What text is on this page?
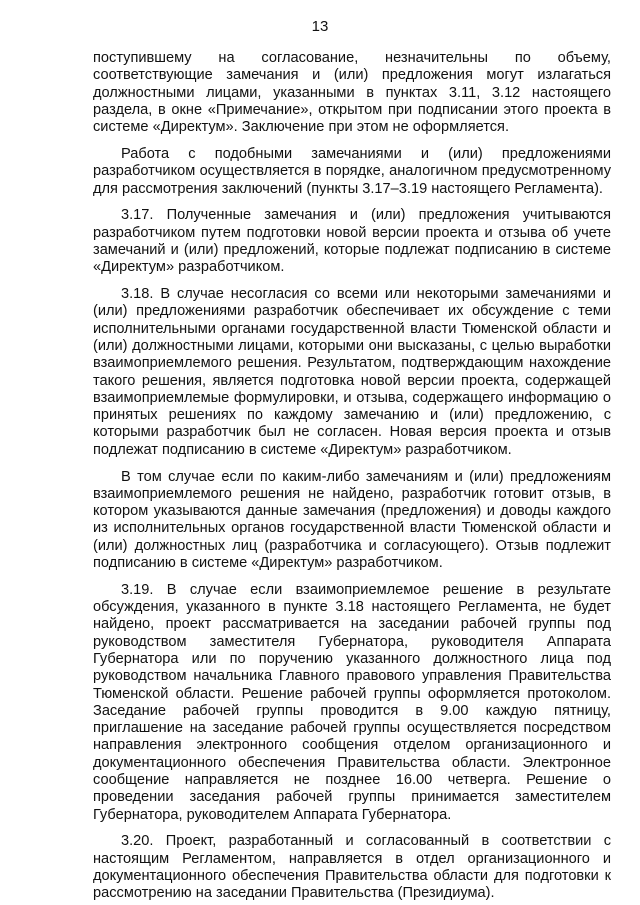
13

поступившему на согласование, незначительны по объему, соответствующие замечания и (или) предложения могут излагаться должностными лицами, указанными в пунктах 3.11, 3.12 настоящего раздела, в окне «Примечание», открытом при подписании этого проекта в системе «Директум». Заключение при этом не оформляется.

Работа с подобными замечаниями и (или) предложениями разработчиком осуществляется в порядке, аналогичном предусмотренному для рассмотрения заключений (пункты 3.17–3.19 настоящего Регламента).

3.17. Полученные замечания и (или) предложения учитываются разработчиком путем подготовки новой версии проекта и отзыва об учете замечаний и (или) предложений, которые подлежат подписанию в системе «Директум» разработчиком.

3.18. В случае несогласия со всеми или некоторыми замечаниями и (или) предложениями разработчик обеспечивает их обсуждение с теми исполнительными органами государственной власти Тюменской области и (или) должностными лицами, которыми они высказаны, с целью выработки взаимоприемлемого решения. Результатом, подтверждающим нахождение такого решения, является подготовка новой версии проекта, содержащей взаимоприемлемые формулировки, и отзыва, содержащего информацию о принятых решениях по каждому замечанию и (или) предложению, с которыми разработчик был не согласен. Новая версия проекта и отзыв подлежат подписанию в системе «Директум» разработчиком.

В том случае если по каким-либо замечаниям и (или) предложениям взаимоприемлемого решения не найдено, разработчик готовит отзыв, в котором указываются данные замечания (предложения) и доводы каждого из исполнительных органов государственной власти Тюменской области и (или) должностных лиц (разработчика и согласующего). Отзыв подлежит подписанию в системе «Директум» разработчиком.

3.19. В случае если взаимоприемлемое решение в результате обсуждения, указанного в пункте 3.18 настоящего Регламента, не будет найдено, проект рассматривается на заседании рабочей группы под руководством заместителя Губернатора, руководителя Аппарата Губернатора или по поручению указанного должностного лица под руководством начальника Главного правового управления Правительства Тюменской области. Решение рабочей группы оформляется протоколом. Заседание рабочей группы проводится в 9.00 каждую пятницу, приглашение на заседание рабочей группы осуществляется посредством направления электронного сообщения отделом организационного и документационного обеспечения Правительства области. Электронное сообщение направляется не позднее 16.00 четверга. Решение о проведении заседания рабочей группы принимается заместителем Губернатора, руководителем Аппарата Губернатора.

3.20. Проект, разработанный и согласованный в соответствии с настоящим Регламентом, направляется в отдел организационного и документационного обеспечения Правительства области для подготовки к рассмотрению на заседании Правительства (Президиума).
